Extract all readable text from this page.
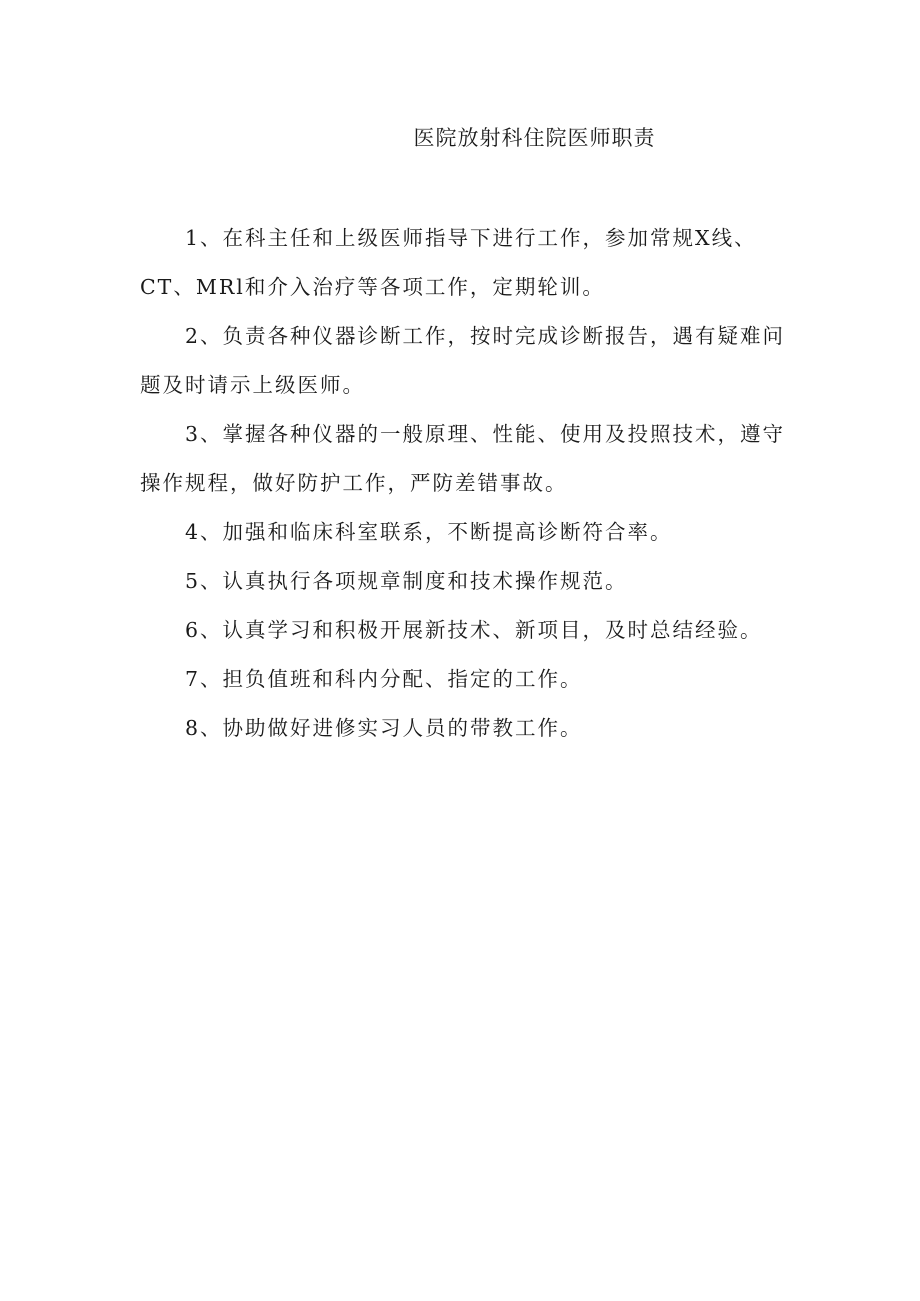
医院放射科住院医师职责

1、在科主任和上级医师指导下进行工作，参加常规X线、CT、MRl和介入治疗等各项工作，定期轮训。

2、负责各种仪器诊断工作，按时完成诊断报告，遇有疑难问题及时请示上级医师。

3、掌握各种仪器的一般原理、性能、使用及投照技术，遵守操作规程，做好防护工作，严防差错事故。

4、加强和临床科室联系，不断提高诊断符合率。

5、认真执行各项规章制度和技术操作规范。

6、认真学习和积极开展新技术、新项目，及时总结经验。

7、担负值班和科内分配、指定的工作。

8、协助做好进修实习人员的带教工作。
